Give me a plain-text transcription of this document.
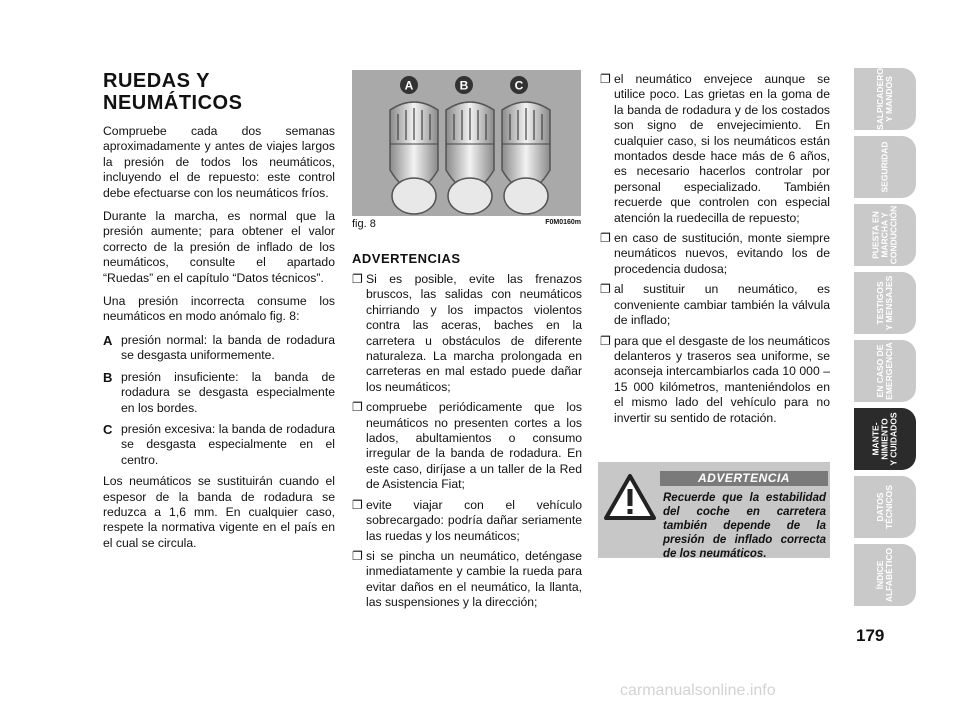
RUEDAS Y
NEUMÁTICOS

Compruebe cada dos semanas aproximadamente y antes de viajes largos la presión de todos los neumáticos, incluyendo el de repuesto: este control debe efectuarse con los neumáticos fríos.

Durante la marcha, es normal que la presión aumente; para obtener el valor correcto de la presión de inflado de los neumáticos, consulte el apartado “Ruedas” en el capítulo “Datos técnicos”.

Una presión incorrecta consume los neumáticos en modo anómalo fig. 8:

A presión normal: la banda de rodadura se desgasta uniformemente.
B presión insuficiente: la banda de rodadura se desgasta especialmente en los bordes.
C presión excesiva: la banda de rodadura se desgasta especialmente en el centro.

Los neumáticos se sustituirán cuando el espesor de la banda de rodadura se reduzca a 1,6 mm. En cualquier caso, respete la normativa vigente en el país en el cual se circula.

A	B	C
fig. 8	F0M0160m
ADVERTENCIAS
❐ Si es posible, evite las frenazos bruscos, las salidas con neumáticos chirriando y los impactos violentos contra las aceras, baches en la carretera u obstáculos de diferente naturaleza. La marcha prolongada en carreteras en mal estado puede dañar los neumáticos;
❐ compruebe periódicamente que los neumáticos no presenten cortes a los lados, abultamientos o consumo irregular de la banda de rodadura. En este caso, diríjase a un taller de la Red de Asistencia Fiat;
❐ evite viajar con el vehículo sobrecargado: podría dañar seriamente las ruedas y los neumáticos;
❐ si se pincha un neumático, deténgase inmediatamente y cambie la rueda para evitar daños en el neumático, la llanta, las suspensiones y la dirección;
❐ el neumático envejece aunque se utilice poco. Las grietas en la goma de la banda de rodadura y de los costados son signo de envejecimiento. En cualquier caso, si los neumáticos están montados desde hace más de 6 años, es necesario hacerlos controlar por personal especializado. También recuerde que controlen con especial atención la ruedecilla de repuesto;
❐ en caso de sustitución, monte siempre neumáticos nuevos, evitando los de procedencia dudosa;
❐ al sustituir un neumático, es conveniente cambiar también la válvula de inflado;
❐ para que el desgaste de los neumáticos delanteros y traseros sea uniforme, se aconseja intercambiarlos cada 10 000 – 15 000 kilómetros, manteniéndolos en el mismo lado del vehículo para no invertir su sentido de rotación.
ADVERTENCIA
Recuerde que la estabilidad del coche en carretera también depende de la presión de inflado correcta de los neumáticos.
SALPICADERO
Y MANDOS
SEGURIDAD
PUESTA EN
MARCHA Y
CONDUCCIÓN
TESTIGOS
Y MENSAJES
EN CASO DE
EMERGENCIA
MANTE-
NIMIENTO
Y CUIDADOS
DATOS
TÉCNICOS
ÍNDICE
ALFABÉTICO
179
carmanualsonline.info
